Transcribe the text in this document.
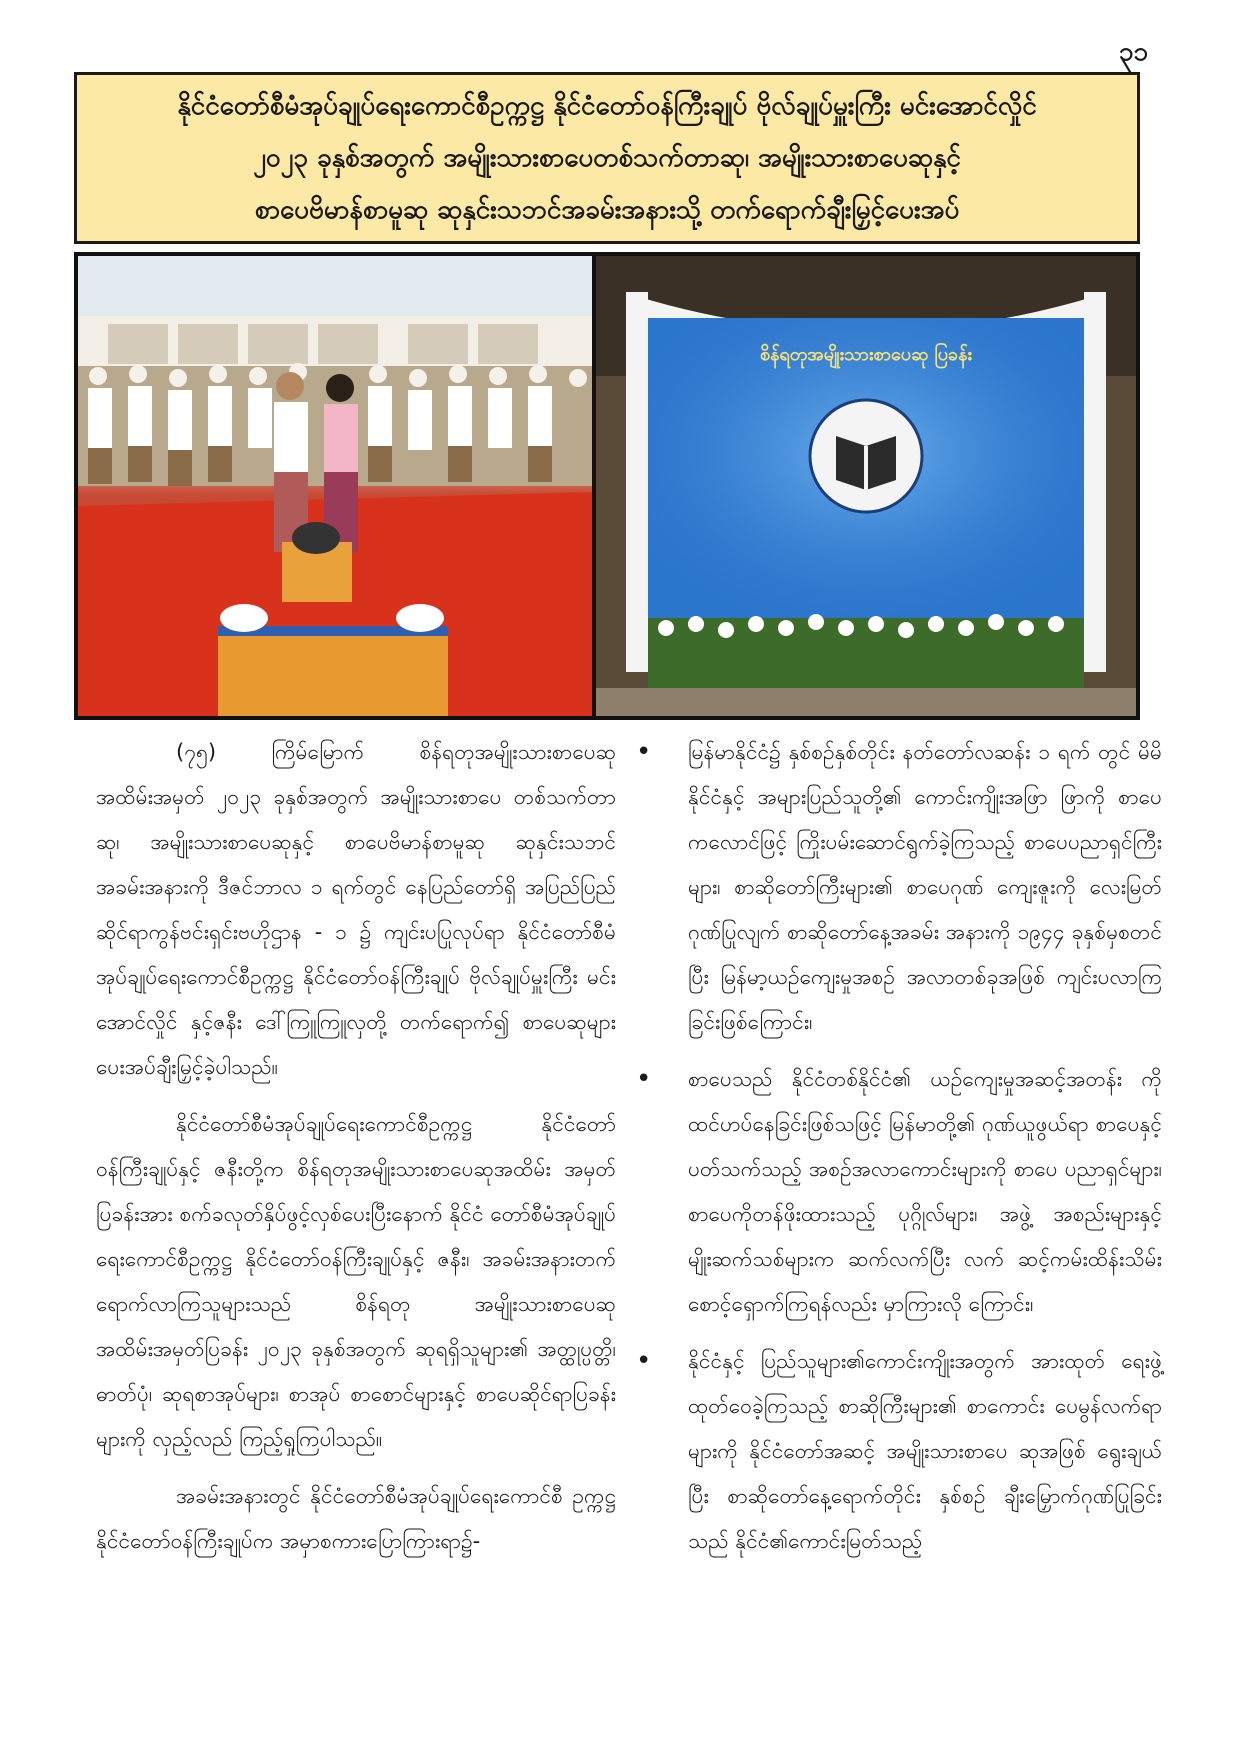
၃၁
နိုင်ငံတော်စီမံအုပ်ချုပ်ရေးကောင်စီဥက္ကဋ္ဌ နိုင်ငံတော်ဝန်ကြီးချုပ် ဗိုလ်ချုပ်မှူးကြီး မင်းအောင်လှိုင်
၂၀၂၃ ခုနှစ်အတွက် အမျိုးသားစာပေတစ်သက်တာဆု၊ အမျိုးသားစာပေဆုနှင့်
စာပေဗိမာန်စာမူဆု ဆုနှင်းသဘင်အခမ်းအနားသို့ တက်ရောက်ချီးမြှင့်ပေးအပ်
စိန်ရတုအမျိုးသားစာပေဆု ပြခန်း

(၇၅) ကြိမ်မြောက် စိန်ရတုအမျိုးသားစာပေဆုအထိမ်းအမှတ် ၂၀၂၃ ခုနှစ်အတွက် အမျိုးသားစာပေ တစ်သက်တာဆု၊ အမျိုးသားစာပေဆုနှင့် စာပေဗိမာန်စာမူဆု ဆုနှင်းသဘင် အခမ်းအနားကို ဒီဇင်ဘာလ ၁ ရက်တွင် နေပြည်တော်ရှိ အပြည်ပြည်ဆိုင်ရာကွန်ဗင်းရှင်းဗဟိုဌာန - ၁ ၌ ကျင်းပပြုလုပ်ရာ နိုင်ငံတော်စီမံအုပ်ချုပ်ရေးကောင်စီဥက္ကဋ္ဌ နိုင်ငံတော်ဝန်ကြီးချုပ် ဗိုလ်ချုပ်မှူးကြီး မင်းအောင်လှိုင် နှင့်ဇနီး ဒေါ်ကြူကြူလှတို့ တက်ရောက်၍ စာပေဆုများပေးအပ်ချီးမြှင့်ခဲ့ပါသည်။

နိုင်ငံတော်စီမံအုပ်ချုပ်ရေးကောင်စီဥက္ကဋ္ဌ နိုင်ငံတော် ဝန်ကြီးချုပ်နှင့် ဇနီးတို့က စိန်ရတုအမျိုးသားစာပေဆုအထိမ်း အမှတ်ပြခန်းအား စက်ခလုတ်နှိပ်ဖွင့်လှစ်ပေးပြီးနောက် နိုင်ငံ တော်စီမံအုပ်ချုပ်ရေးကောင်စီဥက္ကဋ္ဌ နိုင်ငံတော်ဝန်ကြီးချုပ်နှင့် ဇနီး၊ အခမ်းအနားတက်ရောက်လာကြသူများသည် စိန်ရတု အမျိုးသားစာပေဆု အထိမ်းအမှတ်ပြခန်း ၂၀၂၃ ခုနှစ်အတွက် ဆုရရှိသူများ၏ အတ္ထုပ္ပတ္တိ၊ ဓာတ်ပုံ၊ ဆုရစာအုပ်များ၊ စာအုပ် စာစောင်များနှင့် စာပေဆိုင်ရာပြခန်းများကို လှည့်လည် ကြည့်ရှုကြပါသည်။

အခမ်းအနားတွင် နိုင်ငံတော်စီမံအုပ်ချုပ်ရေးကောင်စီ ဥက္ကဋ္ဌ နိုင်ငံတော်ဝန်ကြီးချုပ်က အမှာစကားပြောကြားရာ၌-

• မြန်မာနိုင်ငံ၌ နှစ်စဉ်နှစ်တိုင်း နတ်တော်လဆန်း ၁ ရက် တွင် မိမိနိုင်ငံနှင့် အများပြည်သူတို့၏ ကောင်းကျိုးအဖြာ ဖြာကို စာပေကလောင်ဖြင့် ကြိုးပမ်းဆောင်ရွက်ခဲ့ကြသည့် စာပေပညာရှင်ကြီးများ၊ စာဆိုတော်ကြီးများ၏ စာပေဂုဏ် ကျေးဇူးကို လေးမြတ်ဂုဏ်ပြုလျက် စာဆိုတော်နေ့အခမ်း အနားကို ၁၉၄၄ ခုနှစ်မှစတင်ပြီး မြန်မာ့ယဉ်ကျေးမှုအစဉ် အလာတစ်ခုအဖြစ် ကျင်းပလာကြခြင်းဖြစ်ကြောင်း၊
• စာပေသည် နိုင်ငံတစ်နိုင်ငံ၏ ယဉ်ကျေးမှုအဆင့်အတန်း ကိုထင်ဟပ်နေခြင်းဖြစ်သဖြင့် မြန်မာတို့၏ ဂုဏ်ယူဖွယ်ရာ စာပေနှင့်ပတ်သက်သည့် အစဉ်အလာကောင်းများကို စာပေ ပညာရှင်များ၊ စာပေကိုတန်ဖိုးထားသည့် ပုဂ္ဂိုလ်များ၊ အဖွဲ့ အစည်းများနှင့် မျိုးဆက်သစ်များက ဆက်လက်ပြီး လက် ဆင့်ကမ်းထိန်းသိမ်းစောင့်ရှောက်ကြရန်လည်း မှာကြားလို ကြောင်း၊
• နိုင်ငံနှင့် ပြည်သူများ၏ကောင်းကျိုးအတွက် အားထုတ် ရေးဖွဲ့ထုတ်ဝေခဲ့ကြသည့် စာဆိုကြီးများ၏ စာကောင်း ပေမွန်လက်ရာများကို နိုင်ငံတော်အဆင့် အမျိုးသားစာပေ ဆုအဖြစ် ရွေးချယ်ပြီး စာဆိုတော်နေ့ရောက်တိုင်း နှစ်စဉ် ချီးမြှောက်ဂုဏ်ပြုခြင်းသည် နိုင်ငံ၏ကောင်းမြတ်သည့်
